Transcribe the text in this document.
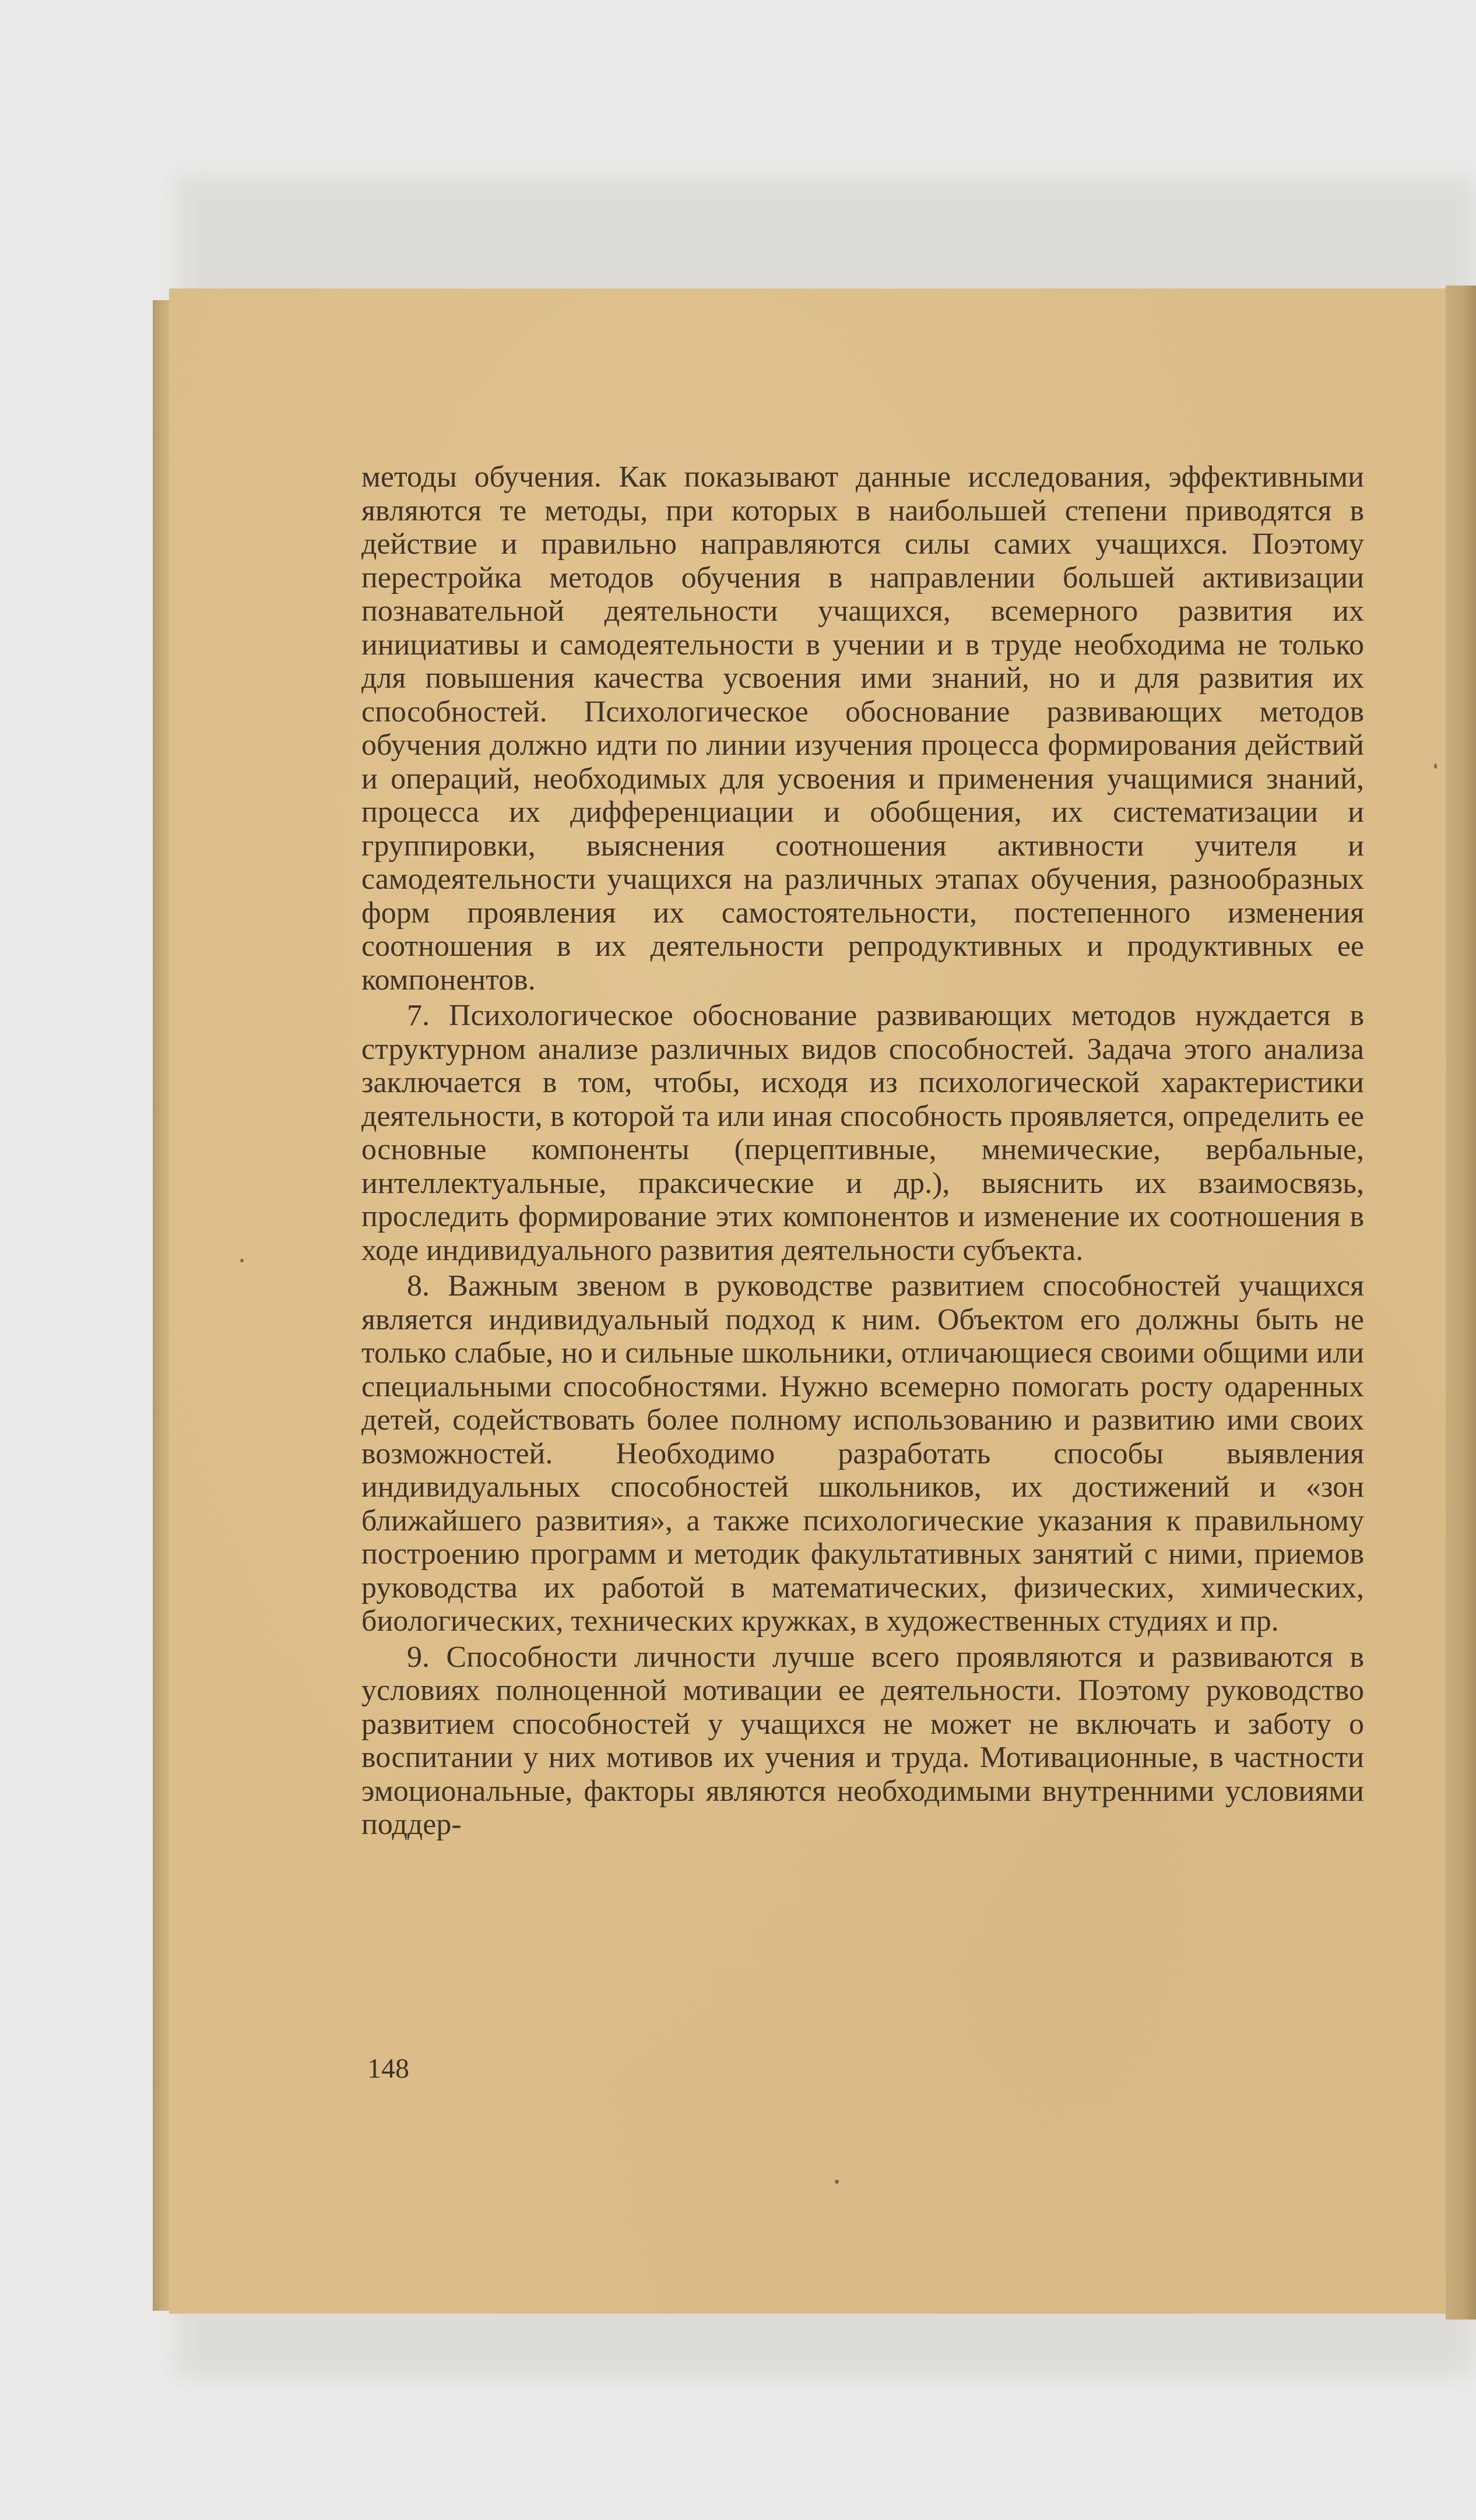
методы обучения. Как показывают данные исследования, эффективными являются те методы, при которых в наибольшей степени приводятся в действие и правильно направляются силы самих учащихся. Поэтому перестройка методов обучения в направлении большей активизации познавательной деятельности учащихся, всемерного развития их инициативы и самодеятельности в учении и в труде необходима не только для повышения качества усвоения ими знаний, но и для развития их способностей. Психологическое обоснование развивающих методов обучения должно идти по линии изучения процесса формирования действий и операций, необходимых для усвоения и применения учащимися знаний, процесса их дифференциации и обобщения, их систематизации и группировки, выяснения соотношения активности учителя и самодеятельности учащихся на различных этапах обучения, разнообразных форм проявления их самостоятельности, постепенного изменения соотношения в их деятельности репродуктивных и продуктивных ее компонентов.

7. Психологическое обоснование развивающих методов нуждается в структурном анализе различных видов способностей. Задача этого анализа заключается в том, чтобы, исходя из психологической характеристики деятельности, в которой та или иная способность проявляется, определить ее основные компоненты (перцептивные, мнемические, вербальные, интеллектуальные, праксические и др.), выяснить их взаимосвязь, проследить формирование этих компонентов и изменение их соотношения в ходе индивидуального развития деятельности субъекта.

8. Важным звеном в руководстве развитием способностей учащихся является индивидуальный подход к ним. Объектом его должны быть не только слабые, но и сильные школьники, отличающиеся своими общими или специальными способностями. Нужно всемерно помогать росту одаренных детей, содействовать более полному использованию и развитию ими своих возможностей. Необходимо разработать способы выявления индивидуальных способностей школьников, их достижений и «зон ближайшего развития», а также психологические указания к правильному построению программ и методик факультативных занятий с ними, приемов руководства их работой в математических, физических, химических, биологических, технических кружках, в художественных студиях и пр.

9. Способности личности лучше всего проявляются и развиваются в условиях полноценной мотивации ее деятельности. Поэтому руководство развитием способностей у учащихся не может не включать и заботу о воспитании у них мотивов их учения и труда. Мотивационные, в частности эмоциональные, факторы являются необходимыми внутренними условиями поддер-

148
